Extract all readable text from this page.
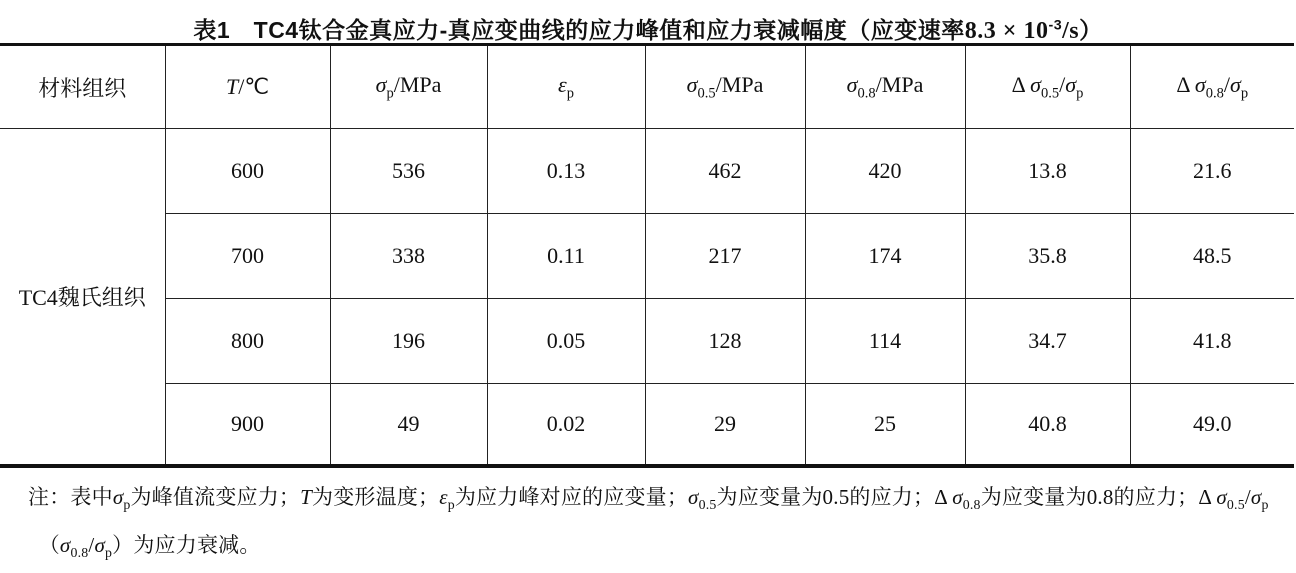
表1　TC4钛合金真应力-真应变曲线的应力峰值和应力衰减幅度（应变速率$8.3 \times 10^{-3}/s$）
材料组织	T/℃	$\sigma_p$/MPa	$\varepsilon_p$	$\sigma_{0.5}$/MPa	$\sigma_{0.8}$/MPa	Δ $\sigma_{0.5}/\sigma_p$	Δ $\sigma_{0.8}/\sigma_p$
TC4魏氏组织	600	536	0.13	462	420	13.8	21.6
	700	338	0.11	217	174	35.8	48.5
	800	196	0.05	128	114	34.7	41.8
	900	49	0.02	29	25	40.8	49.0

注：表中$\sigma_p$为峰值流变应力；T为变形温度；$\varepsilon_p$为应力峰对应的应变量；$\sigma_{0.5}$为应变量为0.5的应力；Δ $\sigma_{0.8}$为应变量为0.8的应力；Δ $\sigma_{0.5}/\sigma_p$
　$(\sigma_{0.8}/\sigma_p)$为应力衰减。
